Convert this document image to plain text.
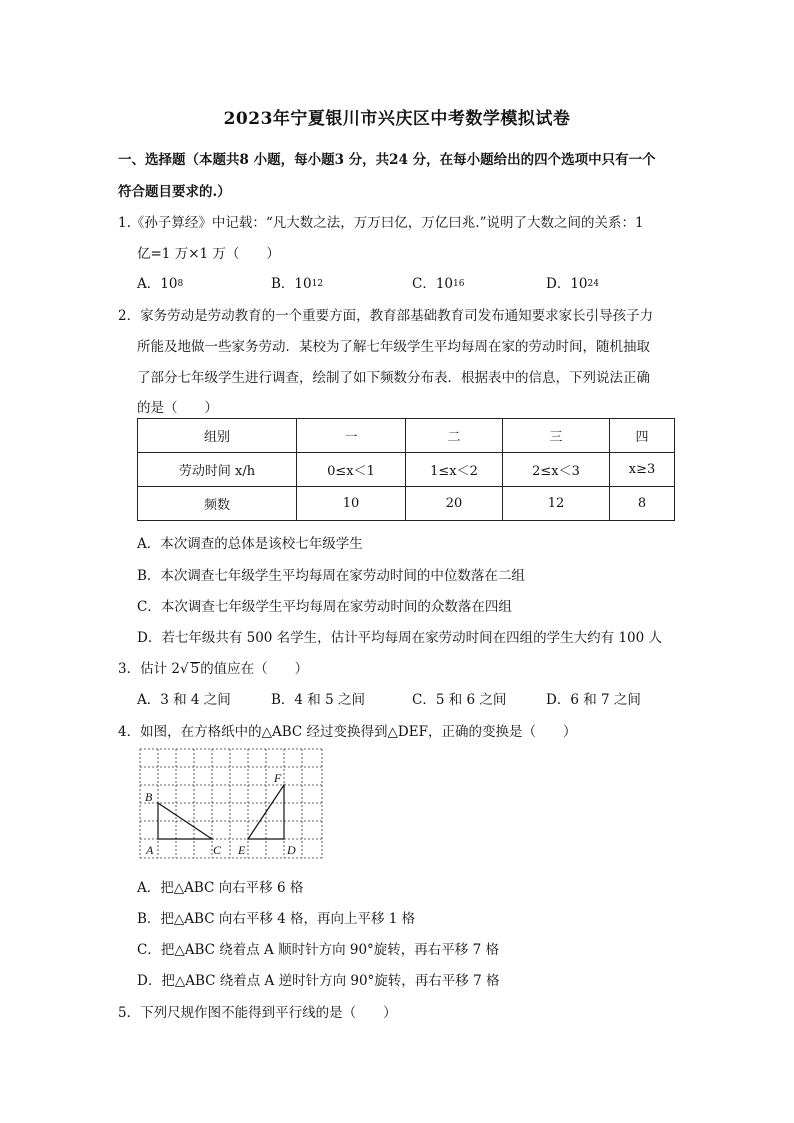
2023年宁夏银川市兴庆区中考数学模拟试卷
一、选择题（本题共8 小题，每小题3 分，共24 分，在每小题给出的四个选项中只有一个
符合题目要求的.）
1.《孙子算经》中记载：“凡大数之法，万万曰亿，万亿曰兆.”说明了大数之间的关系：1
亿=1 万×1 万（　　）
A．$10^8$	B．$10^{12}$	C．$10^{16}$	D．$10^{24}$
2．家务劳动是劳动教育的一个重要方面，教育部基础教育司发布通知要求家长引导孩子力
所能及地做一些家务劳动．某校为了解七年级学生平均每周在家的劳动时间，随机抽取
了部分七年级学生进行调查，绘制了如下频数分布表．根据表中的信息，下列说法正确
的是（　　）
组别	一	二	三	四
劳动时间 x/h	0≤x＜1	1≤x＜2	2≤x＜3	x≥3
频数	10	20	12	8
A．本次调查的总体是该校七年级学生
B．本次调查七年级学生平均每周在家劳动时间的中位数落在二组
C．本次调查七年级学生平均每周在家劳动时间的众数落在四组
D．若七年级共有 500 名学生，估计平均每周在家劳动时间在四组的学生大约有 100 人
3．估计 2√ 5的值应在（　　）
A．3 和 4 之间	B．4 和 5 之间	C．5 和 6 之间	D．6 和 7 之间
4．如图，在方格纸中的△ABC 经过变换得到△DEF，正确的变换是（　　）
B
A	C E	D
F
A．把△ABC 向右平移 6 格
B．把△ABC 向右平移 4 格，再向上平移 1 格
C．把△ABC 绕着点 A 顺时针方向 90°旋转，再右平移 7 格
D．把△ABC 绕着点 A 逆时针方向 90°旋转，再右平移 7 格
5．下列尺规作图不能得到平行线的是（　　）
